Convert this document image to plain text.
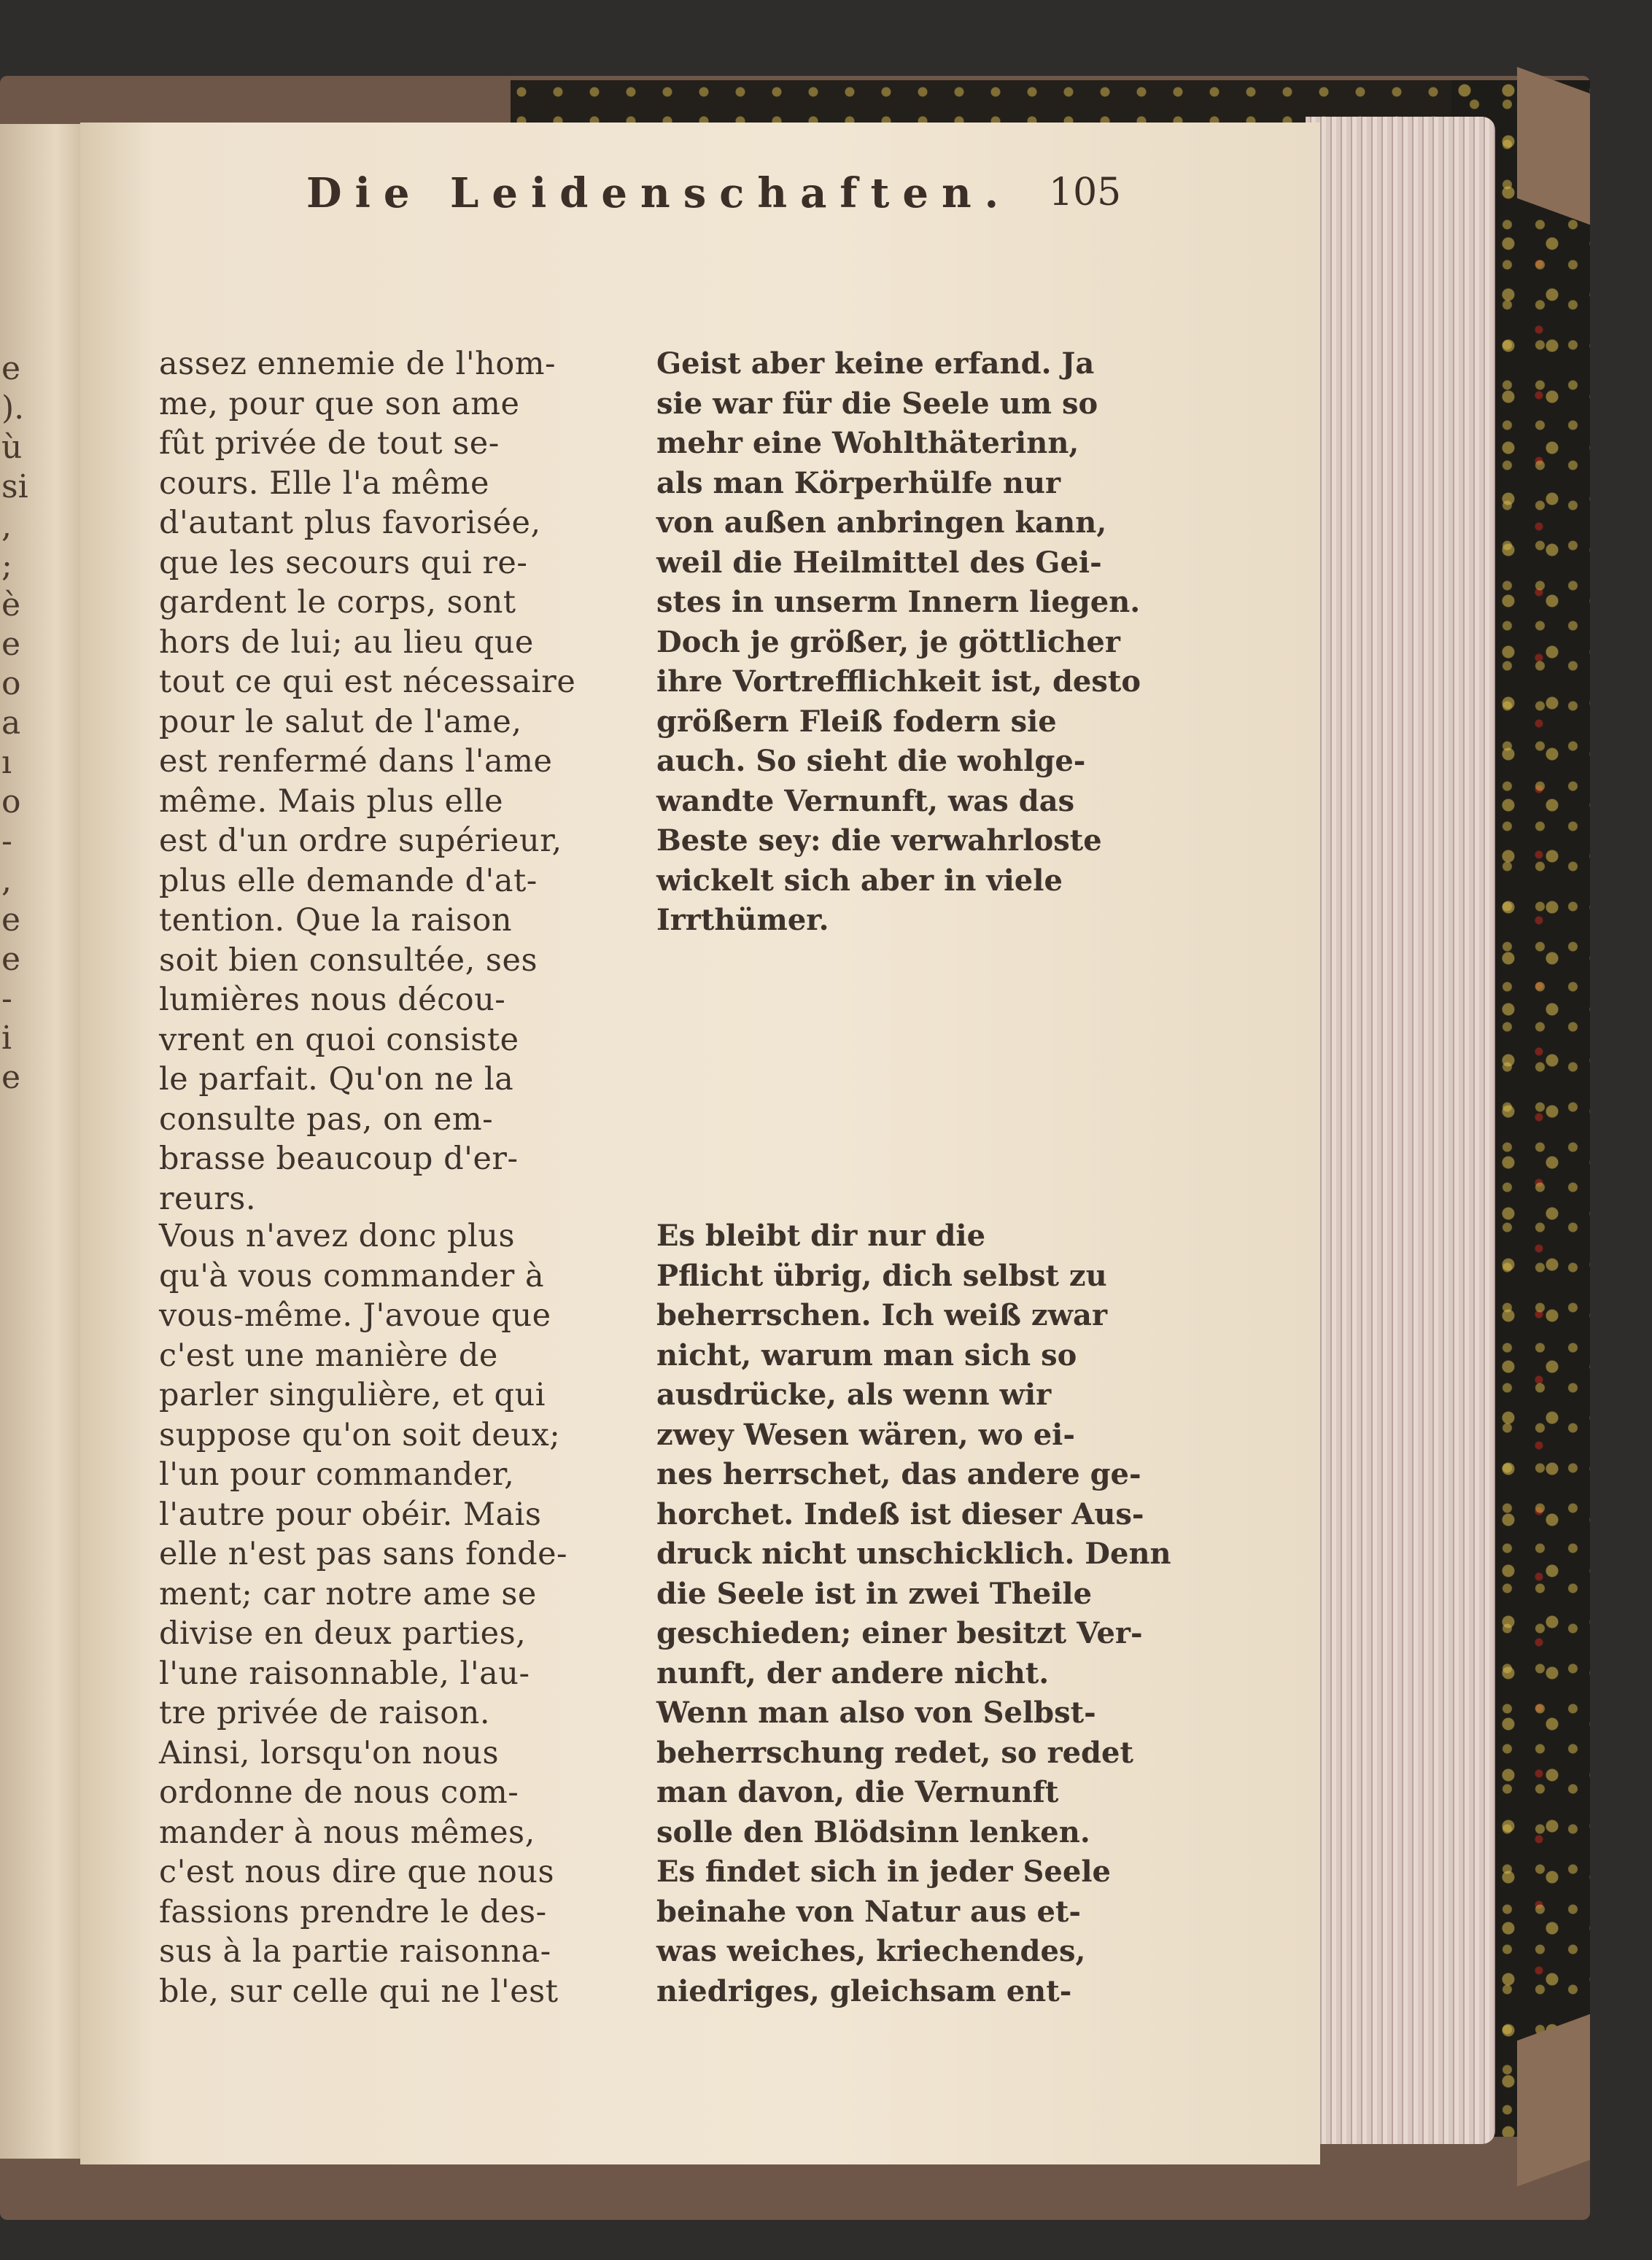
e
).
ù
si
,
;
è
e
o
a
ı
o
-
,
e
e
-
i
e
Die Leidenschaften. 105
assez ennemie de l'hom-
me, pour que son ame
fût privée de tout se-
cours. Elle l'a même
d'autant plus favorisée,
que les secours qui re-
gardent le corps, sont
hors de lui; au lieu que
tout ce qui est nécessaire
pour le salut de l'ame,
est renfermé dans l'ame
même. Mais plus elle
est d'un ordre supérieur,
plus elle demande d'at-
tention. Que la raison
soit bien consultée, ses
lumières nous décou-
vrent en quoi consiste
le parfait. Qu'on ne la
consulte pas, on em-
brasse beaucoup d'er-
reurs.
Geist aber keine erfand. Ja
sie war für die Seele um so
mehr eine Wohlthäterinn,
als man Körperhülfe nur
von außen anbringen kann,
weil die Heilmittel des Gei-
stes in unserm Innern liegen.
Doch je größer, je göttlicher
ihre Vortrefflichkeit ist, desto
größern Fleiß fodern sie
auch. So sieht die wohlge-
wandte Vernunft, was das
Beste sey: die verwahrloste
wickelt sich aber in viele
Irrthümer.
Vous n'avez donc plus
qu'à vous commander à
vous-même. J'avoue que
c'est une manière de
parler singulière, et qui
suppose qu'on soit deux;
l'un pour commander,
l'autre pour obéir. Mais
elle n'est pas sans fonde-
ment; car notre ame se
divise en deux parties,
l'une raisonnable, l'au-
tre privée de raison.
Ainsi, lorsqu'on nous
ordonne de nous com-
mander à nous mêmes,
c'est nous dire que nous
fassions prendre le des-
sus à la partie raisonna-
ble, sur celle qui ne l'est
Es bleibt dir nur die
Pflicht übrig, dich selbst zu
beherrschen. Ich weiß zwar
nicht, warum man sich so
ausdrücke, als wenn wir
zwey Wesen wären, wo ei-
nes herrschet, das andere ge-
horchet. Indeß ist dieser Aus-
druck nicht unschicklich. Denn
die Seele ist in zwei Theile
geschieden; einer besitzt Ver-
nunft, der andere nicht.
Wenn man also von Selbst-
beherrschung redet, so redet
man davon, die Vernunft
solle den Blödsinn lenken.
Es findet sich in jeder Seele
beinahe von Natur aus et-
was weiches, kriechendes,
niedriges, gleichsam ent-
